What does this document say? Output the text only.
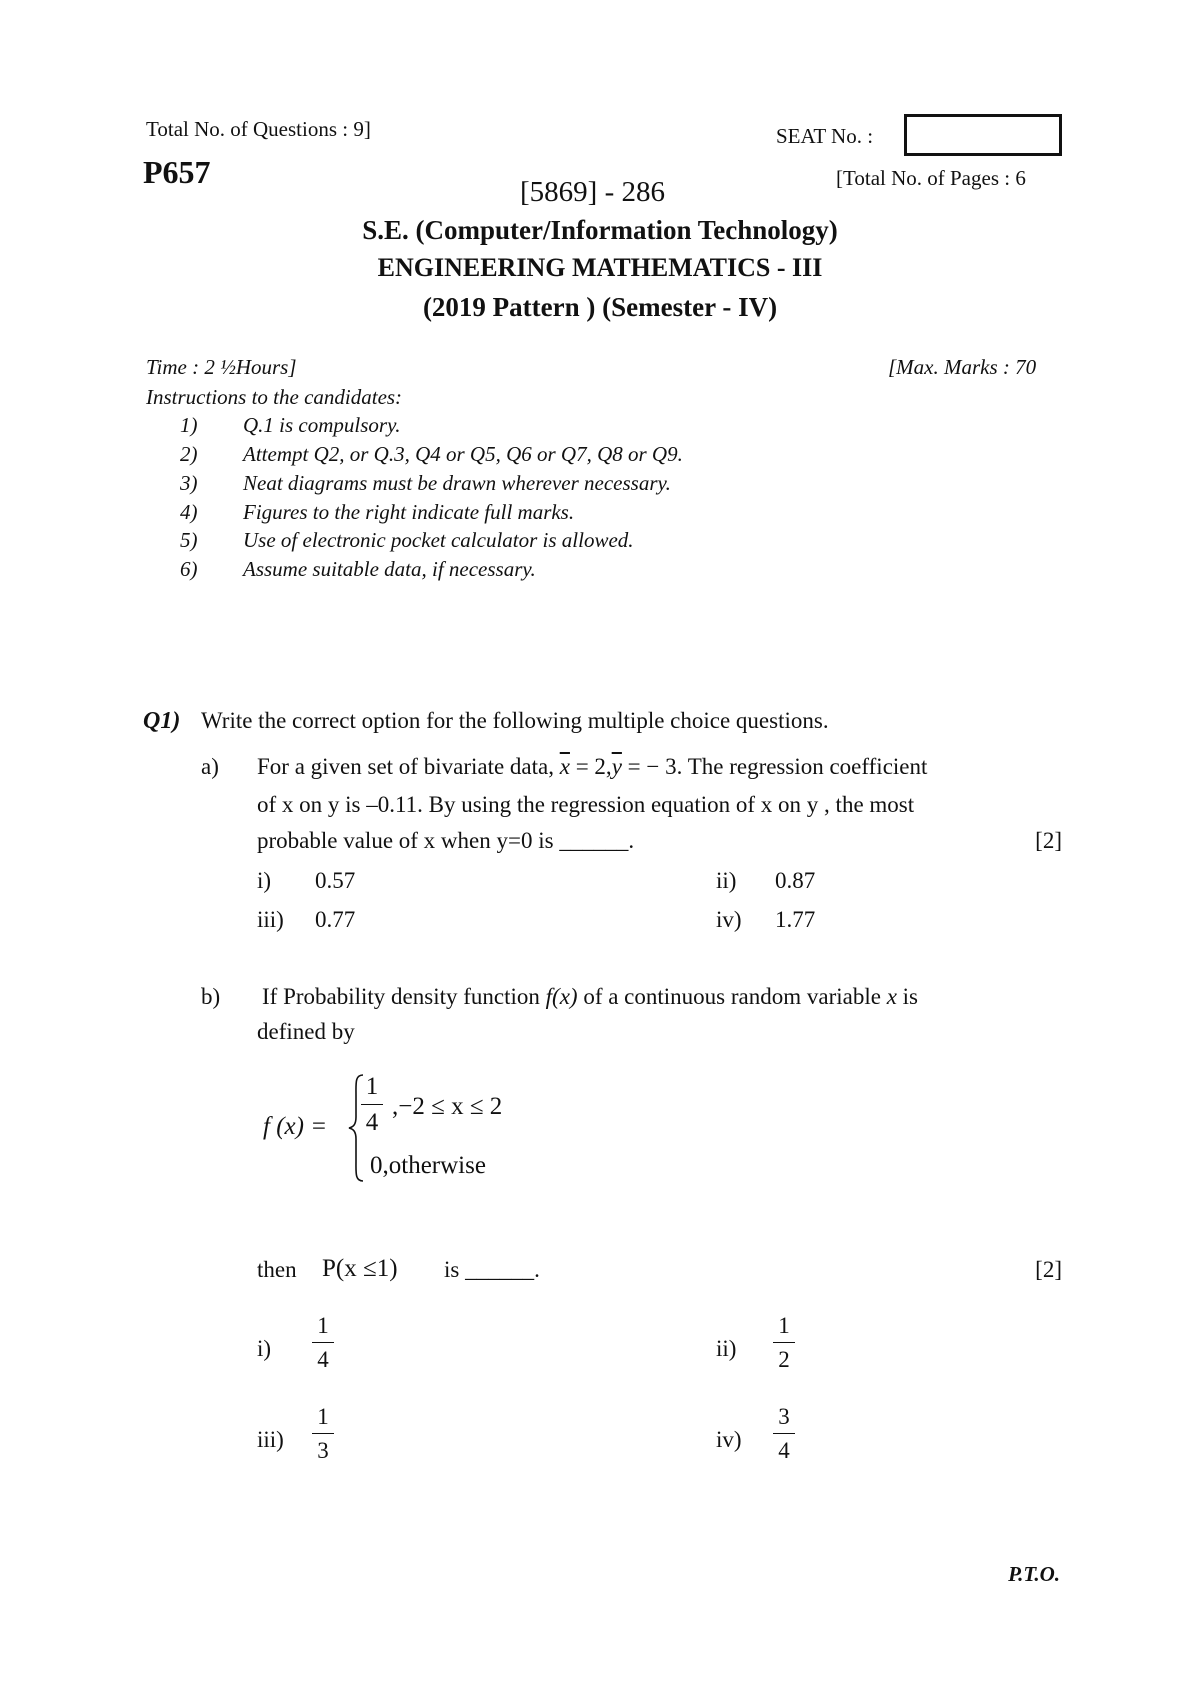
Total No. of Questions : 9]	SEAT No. :
P657
[5869] - 286	[Total No. of Pages : 6
S.E. (Computer/Information Technology)
ENGINEERING MATHEMATICS - III
(2019 Pattern ) (Semester - IV)
Time : 2 ½Hours]	[Max. Marks : 70
Instructions to the candidates:
1) Q.1 is compulsory.
2) Attempt Q2, or Q.3, Q4 or Q5, Q6 or Q7, Q8 or Q9.
3) Neat diagrams must be drawn wherever necessary.
4) Figures to the right indicate full marks.
5) Use of electronic pocket calculator is allowed.
6) Assume suitable data, if necessary.
Q1) Write the correct option for the following multiple choice questions.
a) For a given set of bivariate data, $\overline{x} = 2,\overline{y}$ = − 3. The regression coefficient
of x on y is –0.11. By using the regression equation of x on y , the most
probable value of x when y=0 is ______.	[2]
i) 0.57	ii) 0.87
iii) 0.77	iv) 1.77
b) If Probability density function f(x) of a continuous random variable x is
defined by
f (x) =
1
4
,−2 ≤ x ≤ 2
0,otherwise
then P(x ≤1) is ______.	[2]
i)
1
4	ii)
1
2
iii)
1
3	iv)
3
4
P.T.O.
